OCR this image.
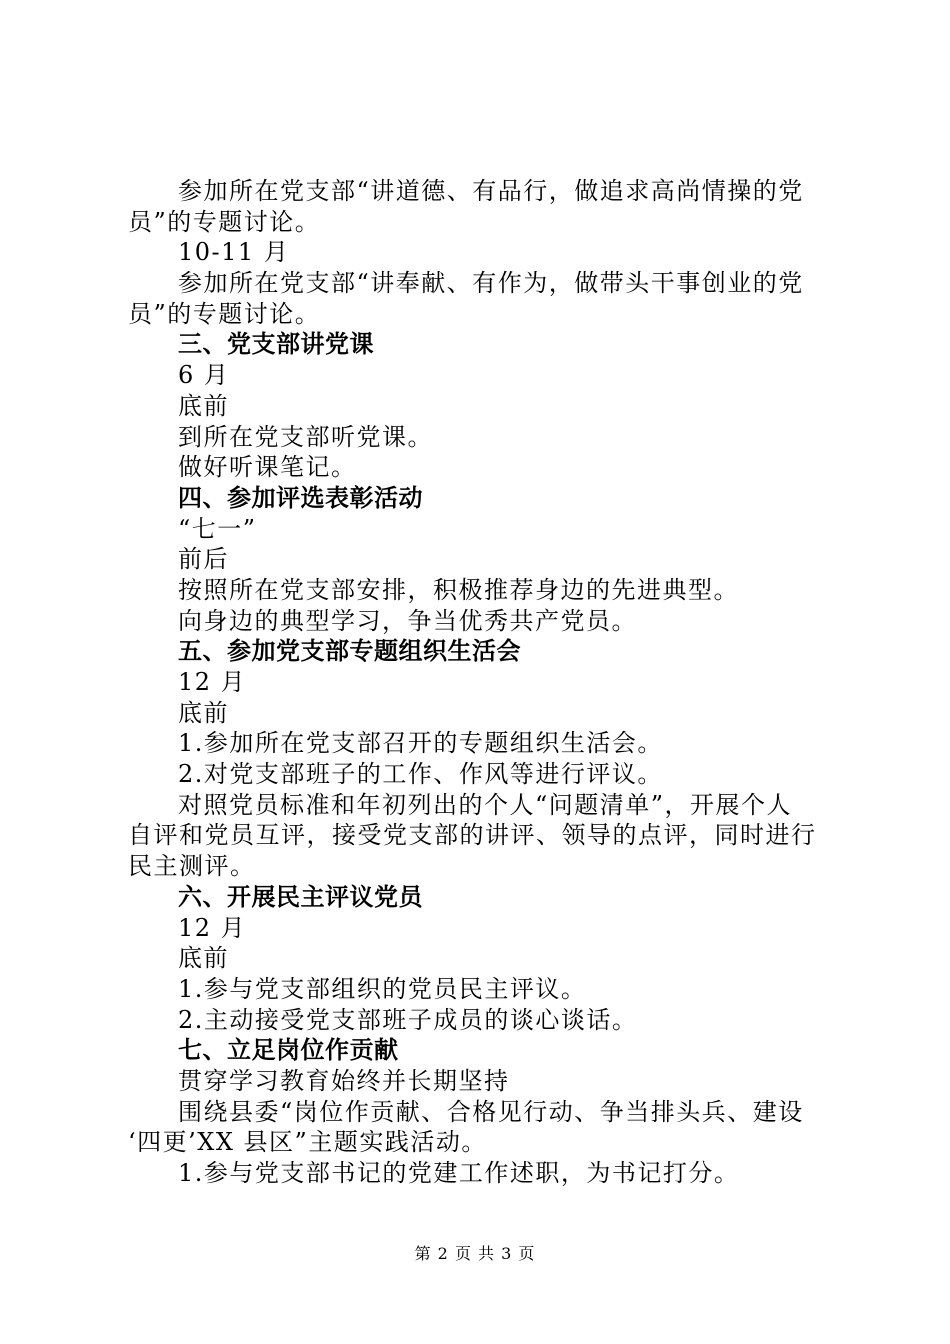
参加所在党支部“讲道德、有品行，做追求高尚情操的党
员”的专题讨论。
10-11 月
参加所在党支部“讲奉献、有作为，做带头干事创业的党
员”的专题讨论。
三、党支部讲党课
6 月
底前
到所在党支部听党课。
做好听课笔记。
四、参加评选表彰活动
“七一”
前后
按照所在党支部安排，积极推荐身边的先进典型。
向身边的典型学习，争当优秀共产党员。
五、参加党支部专题组织生活会
12 月
底前
1.参加所在党支部召开的专题组织生活会。
2.对党支部班子的工作、作风等进行评议。
对照党员标准和年初列出的个人“问题清单”，开展个人
自评和党员互评，接受党支部的讲评、领导的点评，同时进行
民主测评。
六、开展民主评议党员
12 月
底前
1.参与党支部组织的党员民主评议。
2.主动接受党支部班子成员的谈心谈话。
七、立足岗位作贡献
贯穿学习教育始终并长期坚持
围绕县委“岗位作贡献、合格见行动、争当排头兵、建设
‘四更’XX 县区”主题实践活动。
1.参与党支部书记的党建工作述职，为书记打分。
第 2 页 共 3 页
